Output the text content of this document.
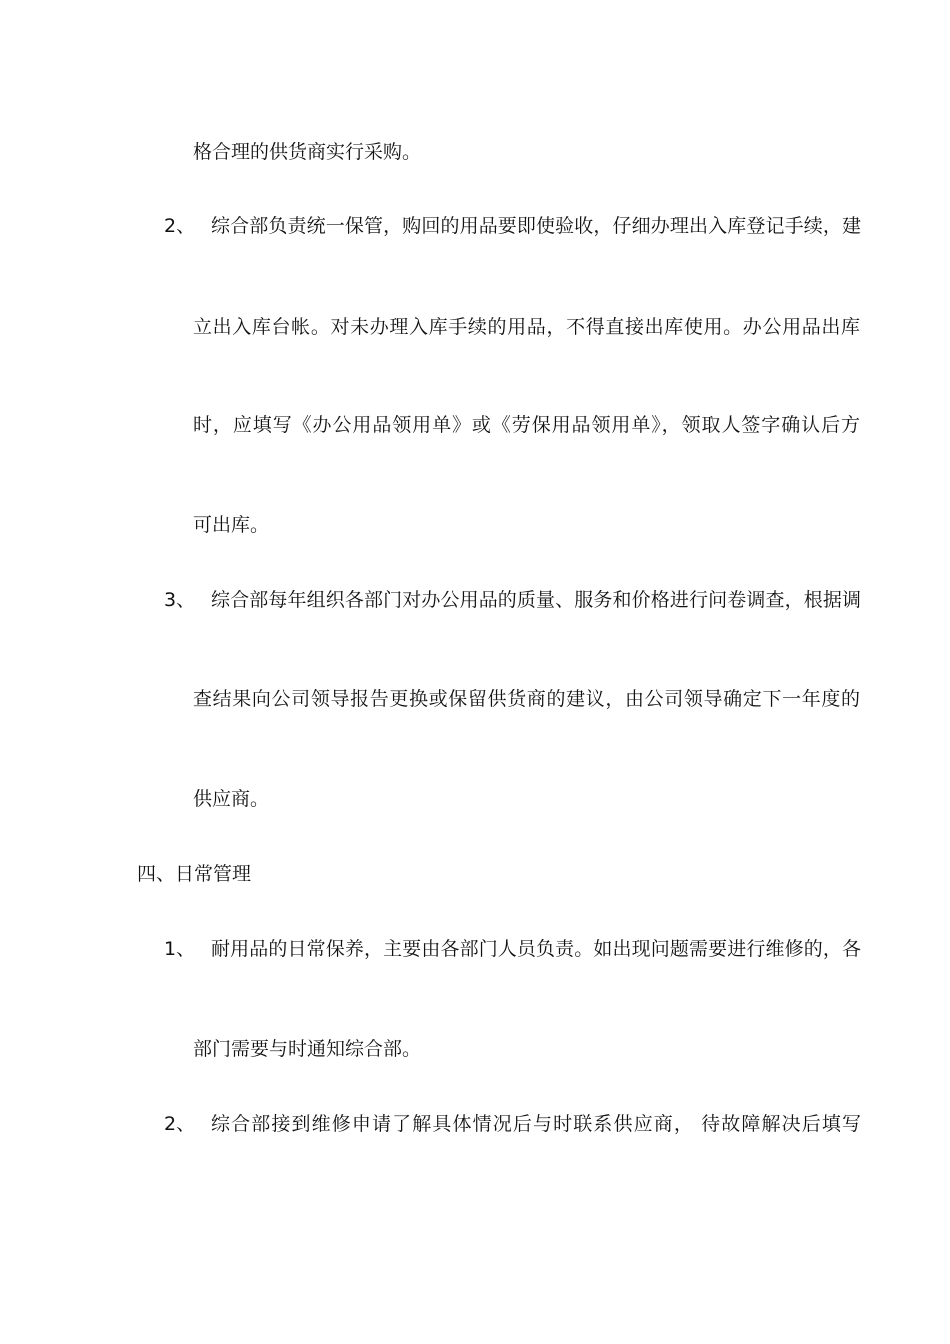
格合理的供货商实行采购。
2、 综合部负责统一保管，购回的用品要即使验收，仔细办理出入库登记手续，建
立出入库台帐。对未办理入库手续的用品，不得直接出库使用。办公用品出库
时，应填写《办公用品领用单》或《劳保用品领用单》，领取人签字确认后方
可出库。
3、 综合部每年组织各部门对办公用品的质量、服务和价格进行问卷调查，根据调
查结果向公司领导报告更换或保留供货商的建议，由公司领导确定下一年度的
供应商。
四、日常管理
1、 耐用品的日常保养，主要由各部门人员负责。如出现问题需要进行维修的，各
部门需要与时通知综合部。
2、 综合部接到维修申请了解具体情况后与时联系供应商， 待故障解决后填写
